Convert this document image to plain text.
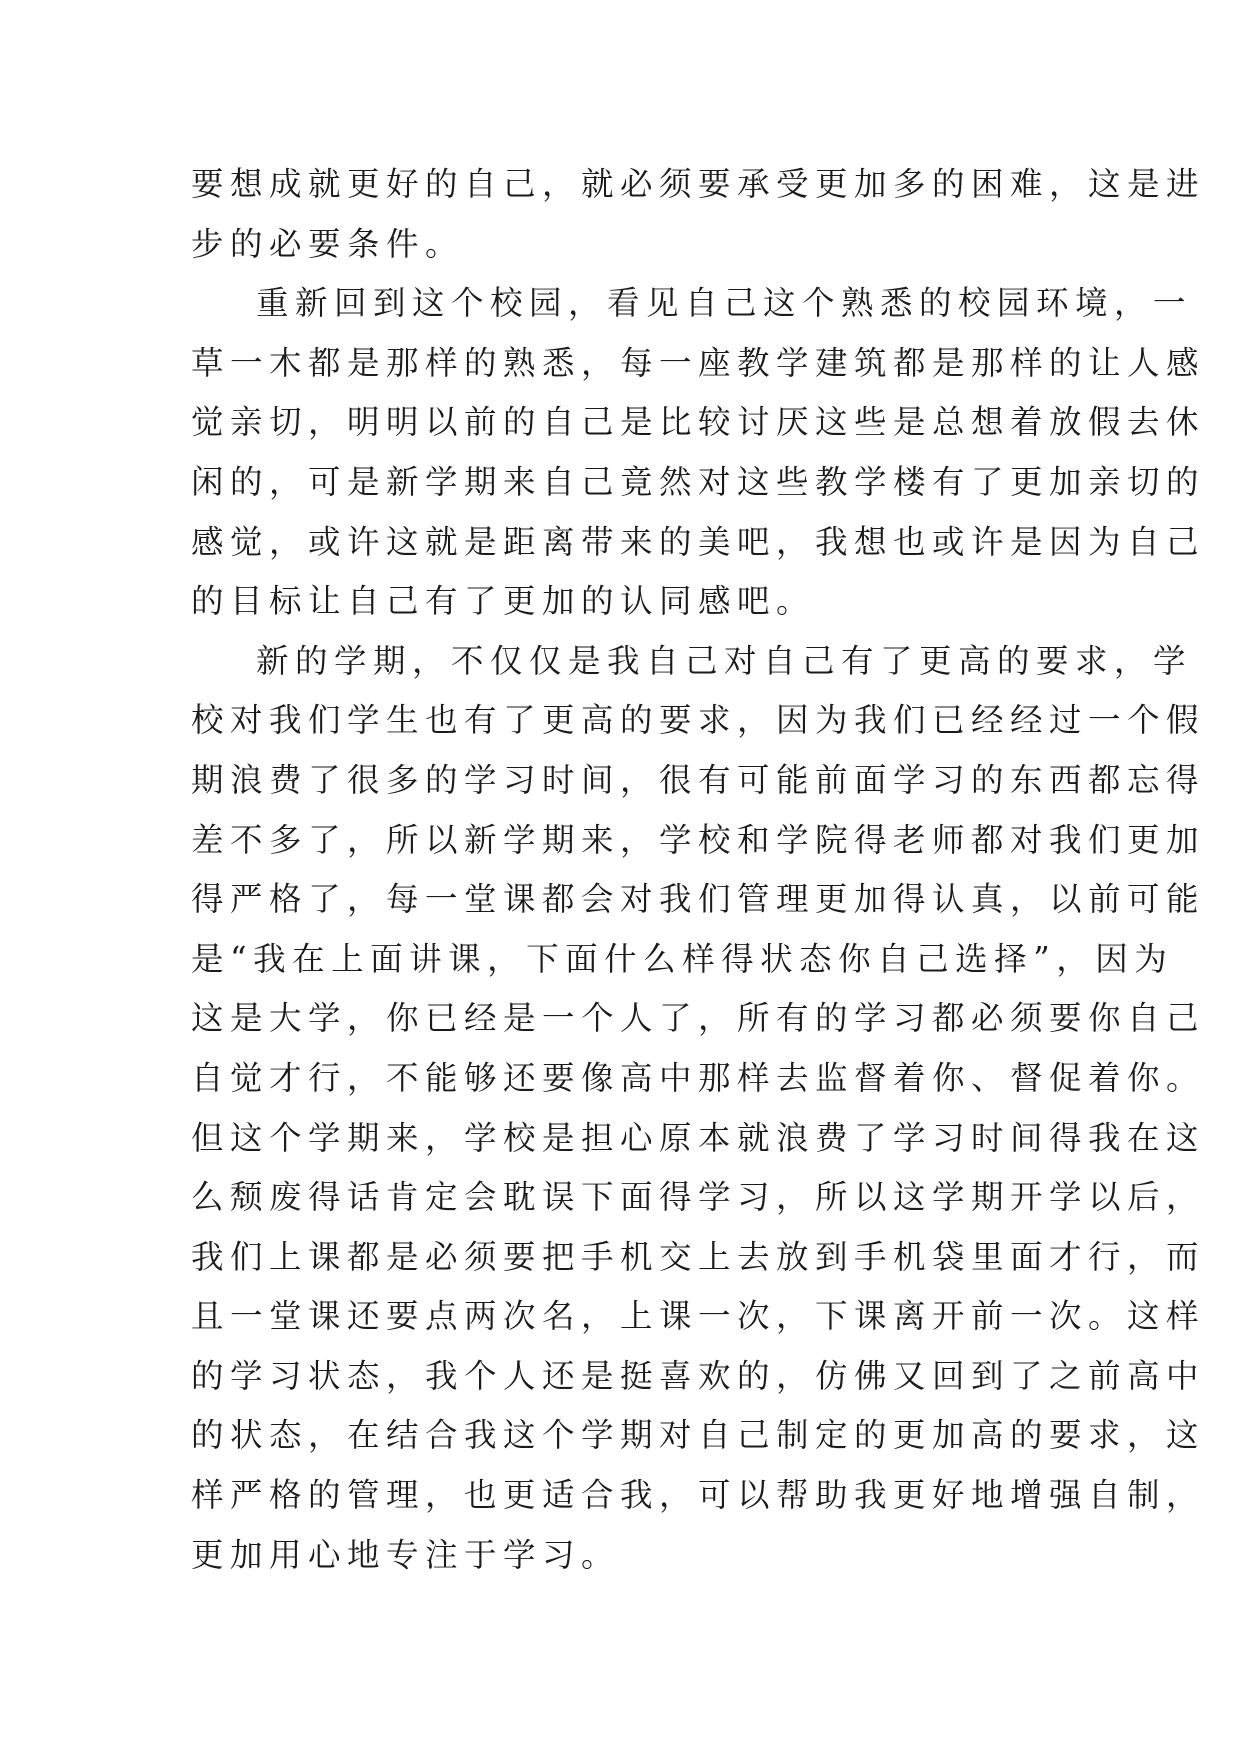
要想成就更好的自己，就必须要承受更加多的困难，这是进
步的必要条件。
重新回到这个校园，看见自己这个熟悉的校园环境，一
草一木都是那样的熟悉，每一座教学建筑都是那样的让人感
觉亲切，明明以前的自己是比较讨厌这些是总想着放假去休
闲的，可是新学期来自己竟然对这些教学楼有了更加亲切的
感觉，或许这就是距离带来的美吧，我想也或许是因为自己
的目标让自己有了更加的认同感吧。
新的学期，不仅仅是我自己对自己有了更高的要求，学
校对我们学生也有了更高的要求，因为我们已经经过一个假
期浪费了很多的学习时间，很有可能前面学习的东西都忘得
差不多了，所以新学期来，学校和学院得老师都对我们更加
得严格了，每一堂课都会对我们管理更加得认真，以前可能
是“我在上面讲课，下面什么样得状态你自己选择”，因为
这是大学，你已经是一个人了，所有的学习都必须要你自己
自觉才行，不能够还要像高中那样去监督着你、督促着你。
但这个学期来，学校是担心原本就浪费了学习时间得我在这
么颓废得话肯定会耽误下面得学习，所以这学期开学以后，
我们上课都是必须要把手机交上去放到手机袋里面才行，而
且一堂课还要点两次名，上课一次，下课离开前一次。这样
的学习状态，我个人还是挺喜欢的，仿佛又回到了之前高中
的状态，在结合我这个学期对自己制定的更加高的要求，这
样严格的管理，也更适合我，可以帮助我更好地增强自制，
更加用心地专注于学习。
